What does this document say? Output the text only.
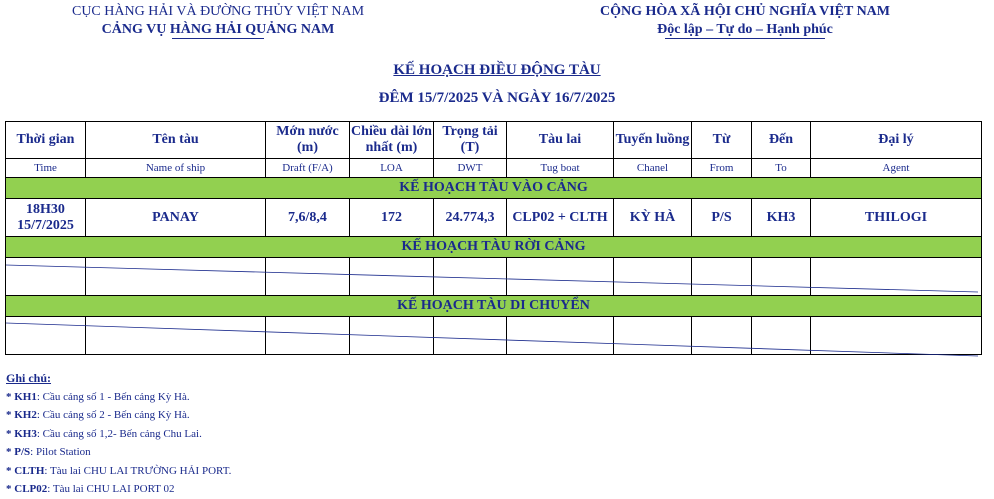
CỤC HÀNG HẢI VÀ ĐƯỜNG THỦY VIỆT NAM
CẢNG VỤ HÀNG HẢI QUẢNG NAM
CỘNG HÒA XÃ HỘI CHỦ NGHĨA VIỆT NAM
Độc lập – Tự do – Hạnh phúc
KẾ HOẠCH ĐIỀU ĐỘNG TÀU
ĐÊM 15/7/2025 VÀ NGÀY 16/7/2025
Thời gian	Tên tàu	Mớn nước (m)	Chiều dài lớn nhất (m)	Trọng tải (T)	Tàu lai	Tuyến luồng	Từ	Đến	Đại lý
Time	Name of ship	Draft (F/A)	LOA	DWT	Tug boat	Chanel	From	To	Agent
KẾ HOẠCH TÀU VÀO CẢNG									

18H30
15/7/2025	PANAY	7,6/8,4	172	24.774,3	CLP02 + CLTH	KỲ HÀ	P/S	KH3	THILOGI
KẾ HOẠCH TÀU RỜI CẢNG									

KẾ HOẠCH TÀU DI CHUYỂN									

Ghi chú:
* KH1: Cầu cảng số 1 - Bến cảng Kỳ Hà.
* KH2: Cầu cảng số 2 - Bến cảng Kỳ Hà.
* KH3: Cầu cảng số 1,2- Bến cảng Chu Lai.
* P/S: Pilot Station
* CLTH: Tàu lai CHU LAI TRƯỜNG HẢI PORT.
* CLP02: Tàu lai CHU LAI PORT 02
